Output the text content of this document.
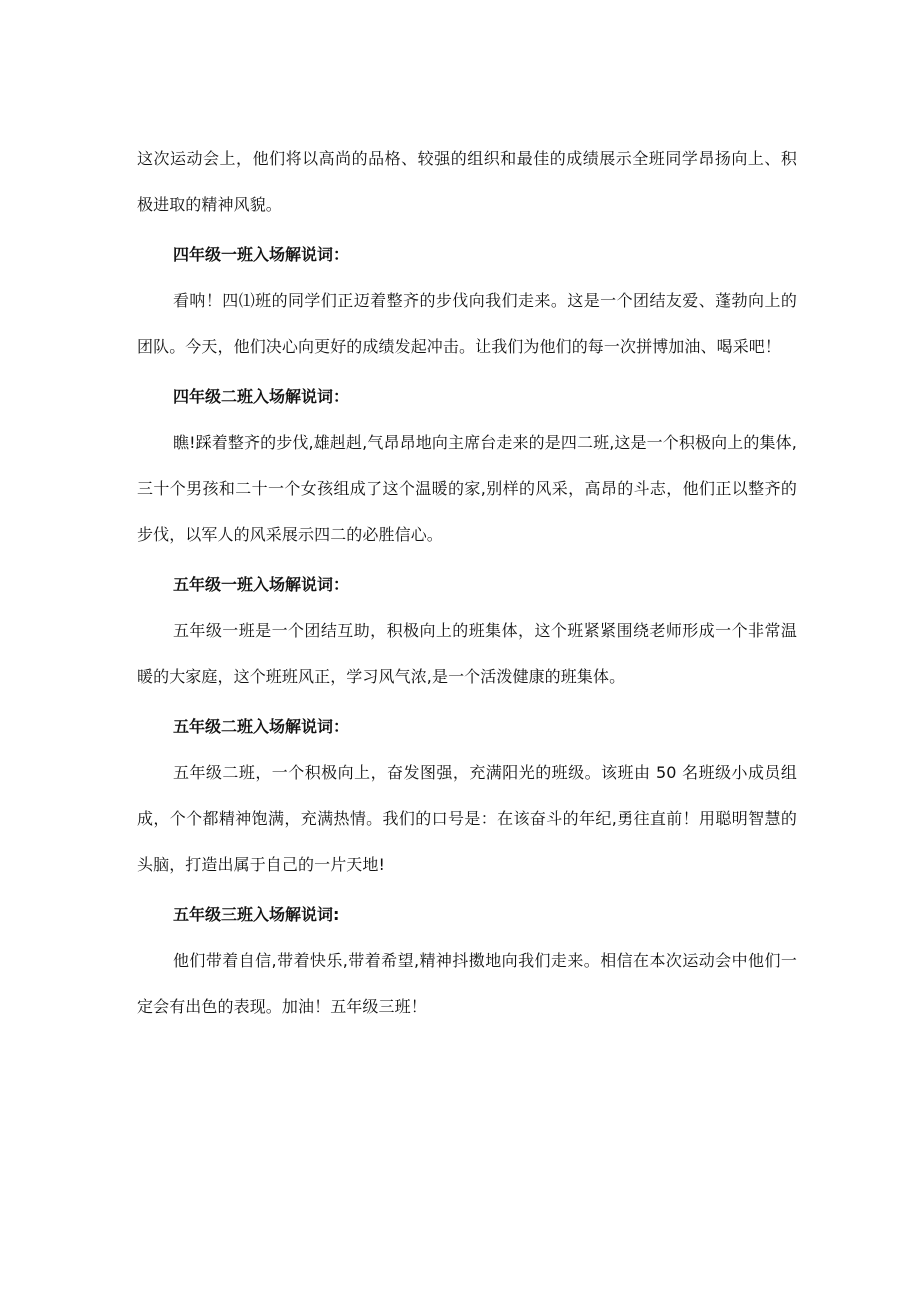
这次运动会上，他们将以高尚的品格、较强的组织和最佳的成绩展示全班同学昂扬向上、积极进取的精神风貌。

四年级一班入场解说词：

看呐！四⑴班的同学们正迈着整齐的步伐向我们走来。这是一个团结友爱、蓬勃向上的团队。今天，他们决心向更好的成绩发起冲击。让我们为他们的每一次拼博加油、喝采吧！

四年级二班入场解说词：

瞧!踩着整齐的步伐,雄赳赳,气昂昂地向主席台走来的是四二班,这是一个积极向上的集体,三十个男孩和二十一个女孩组成了这个温暖的家,别样的风采，高昂的斗志，他们正以整齐的步伐，以军人的风采展示四二的必胜信心。

五年级一班入场解说词：

五年级一班是一个团结互助，积极向上的班集体，这个班紧紧围绕老师形成一个非常温暖的大家庭，这个班班风正，学习风气浓,是一个活泼健康的班集体。

五年级二班入场解说词：

五年级二班，一个积极向上，奋发图强，充满阳光的班级。该班由 50 名班级小成员组成，个个都精神饱满，充满热情。我们的口号是：在该奋斗的年纪,勇往直前！用聪明智慧的头脑，打造出属于自己的一片天地!

五年级三班入场解说词:

他们带着自信,带着快乐,带着希望,精神抖擞地向我们走来。相信在本次运动会中他们一定会有出色的表现。加油！五年级三班！
